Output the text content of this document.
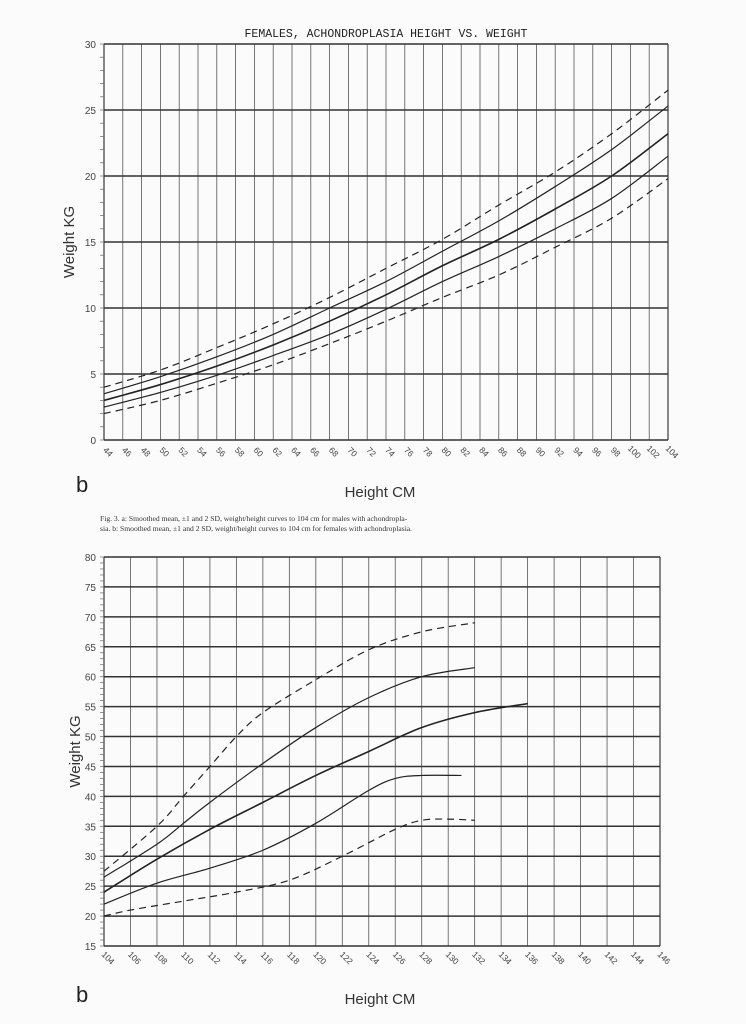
44 46 48 50 52 54 56 58 60 62 64 66 68 70 72 74 76 78 80 82 84 86 88 90 92 94 96 98 100 102 104
0
5
10
15
20
25
30
FEMALES, ACHONDROPLASIA HEIGHT VS. WEIGHT
Weight KG
Height CM
b
104 106 108 110 112 114 116 118 120 122 124 126 128 130 132 134 136 138 140 142 144 146
15
20
25
30
35
40
45
50
55
60
65
70
75
80
Weight KG
Height CM
b
Fig. 3. a: Smoothed mean, ±1 and 2 SD, weight/height curves to 104 cm for males with achondropla-
sia. b: Smoothed mean, ±1 and 2 SD, weight/height curves to 104 cm for females with achondroplasia.
